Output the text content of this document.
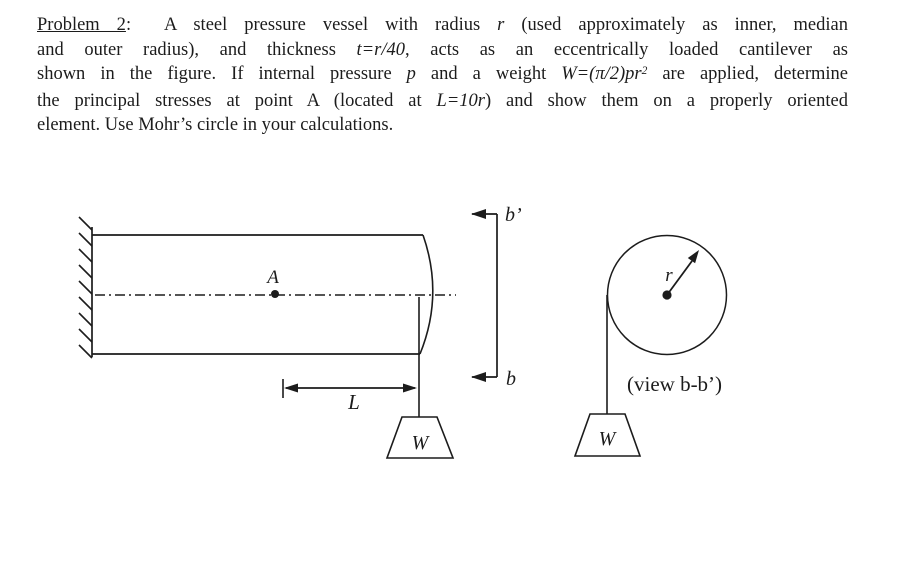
Problem 2:  A steel pressure vessel with radius r (used approximately as inner, median
and outer radius), and thickness t=r/40, acts as an eccentrically loaded cantilever as
shown in the figure. If internal pressure p and a weight $W=(\pi/2)pr^2$ are applied, determine
the principal stresses at point A (located at L=10r) and show them on a properly oriented
element. Use Mohr’s circle in your calculations.
A
W
L
b’
b
r
W
(view b-b’)
